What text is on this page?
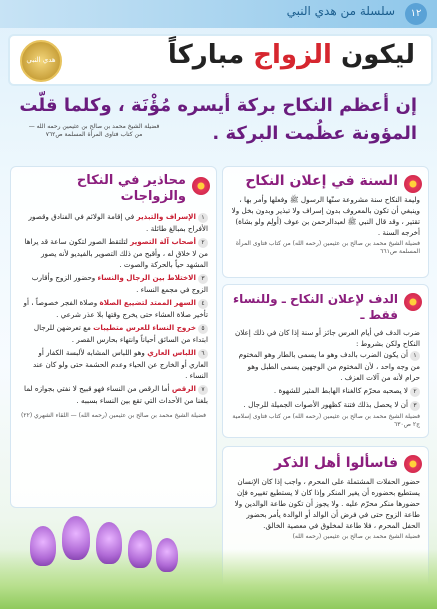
سلسلة من هدي النبي	١٢
هدي النبي	ليكون الزواج مباركاً
إن أعظم النكاح بركة أيسره مُؤْنَة ، وكلما قلّت المؤونة عظُمت البركة .
فضيلة الشيخ محمد بن صالح بن عثيمين رحمه الله — من كتاب فتاوى المرأة المسلمة ص٧٦٢
السنة في إعلان النكاح
وليمة النكاح سنة مشروعة سنّها الرسول ﷺ وفعلها وأمر بها ، وينبغي أن تكون بالمعروف بدون إسراف ولا تبذير وبدون بخل ولا تقتير ، وقد قال النبي ﷺ لعبدالرحمن بن عوف (أولِم ولو بشاة) أخرجه السنة .
فضيلة الشيخ محمد بن صالح بن عثيمين (رحمه الله) من كتاب فتاوى المرأة المسلمة ص٦٦١
الدف لإعلان النكاح ـ وللنساء فقط ـ
ضرب الدف في أيام العرس جائز أو سنة إذا كان في ذلك إعلان النكاح ولكن بشروط :
١أن يكون الضرب بالدف وهو ما يسمى بالطار وهو المختوم من وجه واحد ، لأن المختوم من الوجهين يسمى الطبل وهو حرام لأنه من آلات العزف .
٢لا يصحبه محرّم كالغناء الهابط المثير للشهوة .
٣أن لا يحصل بذلك فتنة كظهور الأصوات الجميلة للرجال .
فضيلة الشيخ محمد بن صالح بن عثيمين (رحمه الله) من كتاب فتاوى إسلامية ج٢ ص٦٣٠
فاسألوا أهل الذكر
حضور الحفلات المشتملة على المحرم ، واجب إذا كان الإنسان يستطيع بحضوره أن يغير المنكر وإذا كان لا يستطيع تغييره فإن حضورها منكر محرّم عليه . ولا يجوز أن تكون طاعة الوالدين ولا طاعة الزوج حتى في فرض أن الوالد أو الوالدة يأمر بحضور الحفل المحرم ، فلا طاعة لمخلوق في معصية الخالق.
فضيلة الشيخ محمد بن صالح بن عثيمين (رحمه الله)
محاذير في النكاح والزواجات
١الإسراف والتبذير في إقامة الولائم في الفنادق وقصور الأفراح بمبالغ طائلة .
٢أصحاب آلة التصوير لتلتقط الصور لتكون ساعة قد يراها من لا خلاق له ، وأقبح من ذلك التصوير بالفيديو لأنه يصور المشهد حياً بالحركة والصوت .
٣الاختلاط بين الرجال والنساء وحضور الزوج وأقارب الزوج في مجمع النساء .
٤السهر الممتد لتضييع الصلاة وصلاة الفجر خصوصاً ، أو تأخير صلاة العشاء حتى يخرج وقتها بلا عذر شرعي .
٥خروج النساء للعرس متطيبات مع تعرضهن للرجال ابتداء من السائق أحياناً وانتهاء بحارس القصر .
٦اللباس العاري وهو اللباس المشابه لألبسة الكفار أو العاري أو الخارج عن الحياء وعدم الحشمة حتى ولو كان عند النساء .
٧الرقص أما الرقص من النساء فهو قبيح لا نفتي بجوازه لما بلغنا من الأحداث التي تقع بين النساء بسببه .
فضيلة الشيخ محمد بن صالح بن عثيمين (رحمه الله) — اللقاء الشهري (٢٢)
